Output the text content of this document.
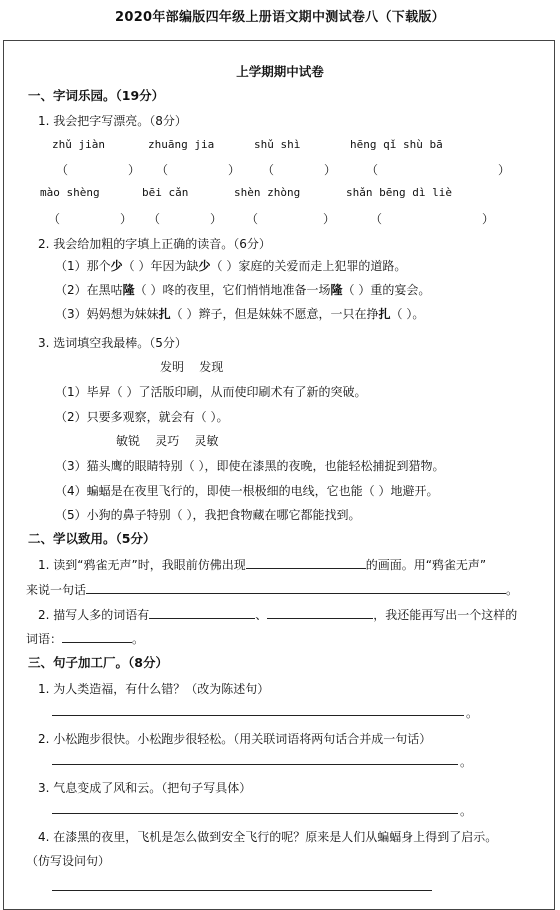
2020年部编版四年级上册语文期中测试卷八（下载版）
上学期期中试卷
一、字词乐园。（19分）
1. 我会把字写漂亮。（8分）
zhǔ jiàn	zhuāng jia	shǔ shì	hēng qǐ shù bā
（	） （	） （	） （	）
mào shèng	bēi cǎn	shèn zhòng	shǎn bēng dì liè
（	） （	） （	）	（	）
2. 我会给加粗的字填上正确的读音。（6分）
（1）那个少（ ）年因为缺少（ ）家庭的关爱而走上犯罪的道路。
（2）在黑咕隆（ ）咚的夜里，它们悄悄地准备一场隆（ ）重的宴会。
（3）妈妈想为妹妹扎（ ）辫子，但是妹妹不愿意，一只在挣扎（ ）。
3. 选词填空我最棒。（5分）
发明    发现
（1）毕昇（ ）了活版印刷，从而使印刷术有了新的突破。
（2）只要多观察，就会有（ ）。
敏锐    灵巧    灵敏
（3）猫头鹰的眼睛特别（ ），即使在漆黑的夜晚，也能轻松捕捉到猎物。
（4）蝙蝠是在夜里飞行的，即使一根极细的电线，它也能（ ）地避开。
（5）小狗的鼻子特别（ ），我把食物藏在哪它都能找到。
二、学以致用。（5分）
1. 读到“鸦雀无声”时，我眼前仿佛出现	的画面。用“鸦雀无声”
来说一句话	。
2. 描写人多的词语有	、	，我还能再写出一个这样的
词语：	。
三、句子加工厂。（8分）
1. 为人类造福，有什么错？（改为陈述句）
。
2. 小松跑步很快。小松跑步很轻松。（用关联词语将两句话合并成一句话）
。
3. 气息变成了风和云。（把句子写具体）
。
4. 在漆黑的夜里，飞机是怎么做到安全飞行的呢？原来是人们从蝙蝠身上得到了启示。
（仿写设问句）
